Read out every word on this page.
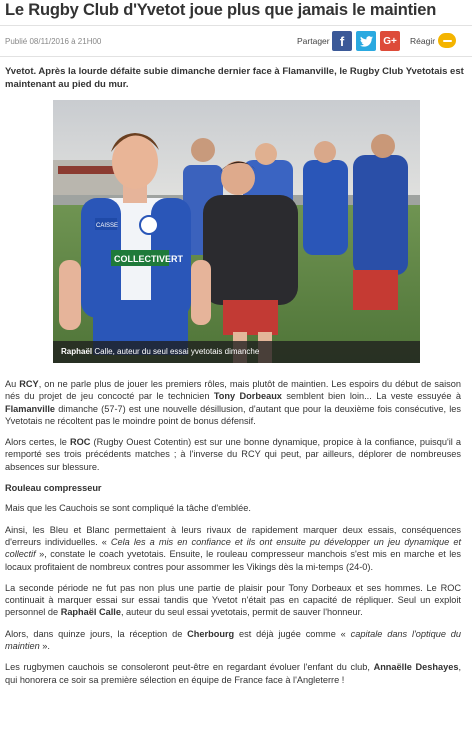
Le Rugby Club d'Yvetot joue plus que jamais le maintien
Publié 08/11/2016 à 21H00	Partager f	G+ Réagir

Yvetot. Après la lourde défaite subie dimanche dernier face à Flamanville, le Rugby Club Yvetotais est maintenant au pied du mur.

COLLECTIVERT
CAISSE
Raphaël Calle, auteur du seul essai yvetotais dimanche

Au RCY, on ne parle plus de jouer les premiers rôles, mais plutôt de maintien. Les espoirs du début de saison nés du projet de jeu concocté par le technicien Tony Dorbeaux semblent bien loin... La veste essuyée à Flamanville dimanche (57-7) est une nouvelle désillusion, d'autant que pour la deuxième fois consécutive, les Yvetotais ne récoltent pas le moindre point de bonus défensif.

Alors certes, le ROC (Rugby Ouest Cotentin) est sur une bonne dynamique, propice à la confiance, puisqu'il a remporté ses trois précédents matches ; à l'inverse du RCY qui peut, par ailleurs, déplorer de nombreuses absences sur blessure.

Rouleau compresseur

Mais que les Cauchois se sont compliqué la tâche d'emblée.

Ainsi, les Bleu et Blanc permettaient à leurs rivaux de rapidement marquer deux essais, conséquences d'erreurs individuelles. « Cela les a mis en confiance et ils ont ensuite pu développer un jeu dynamique et collectif », constate le coach yvetotais. Ensuite, le rouleau compresseur manchois s'est mis en marche et les locaux profitaient de nombreux contres pour assommer les Vikings dès la mi-temps (24-0).

La seconde période ne fut pas non plus une partie de plaisir pour Tony Dorbeaux et ses hommes. Le ROC continuait à marquer essai sur essai tandis que Yvetot n'était pas en capacité de répliquer. Seul un exploit personnel de Raphaël Calle, auteur du seul essai yvetotais, permit de sauver l'honneur.

Alors, dans quinze jours, la réception de Cherbourg est déjà jugée comme « capitale dans l'optique du maintien ».

Les rugbymen cauchois se consoleront peut-être en regardant évoluer l'enfant du club, Annaëlle Deshayes, qui honorera ce soir sa première sélection en équipe de France face à l'Angleterre !
